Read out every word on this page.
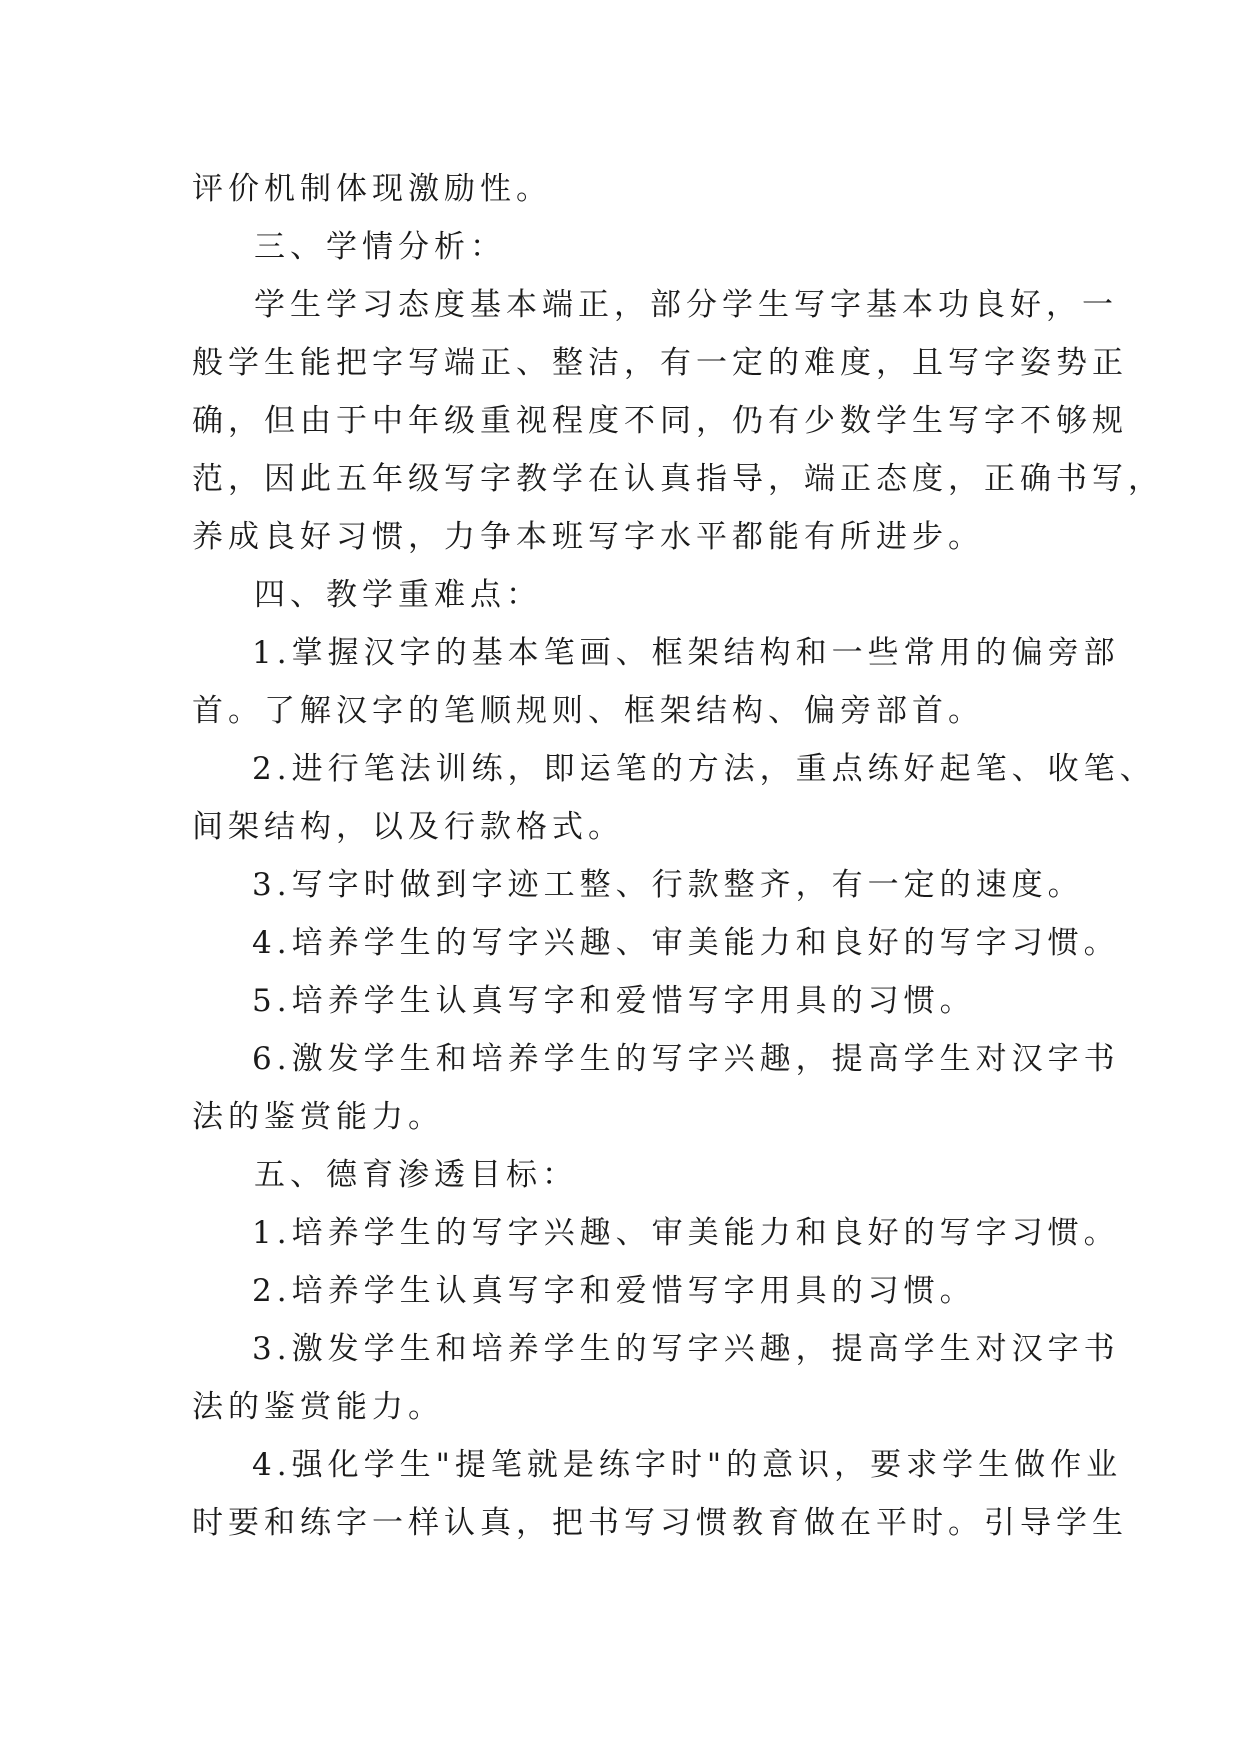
评价机制体现激励性。
三、学情分析：
学生学习态度基本端正，部分学生写字基本功良好，一
般学生能把字写端正、整洁，有一定的难度，且写字姿势正
确，但由于中年级重视程度不同，仍有少数学生写字不够规
范，因此五年级写字教学在认真指导，端正态度，正确书写，
养成良好习惯，力争本班写字水平都能有所进步。
四、教学重难点：
1.掌握汉字的基本笔画、框架结构和一些常用的偏旁部
首。了解汉字的笔顺规则、框架结构、偏旁部首。
2.进行笔法训练，即运笔的方法，重点练好起笔、收笔、
间架结构，以及行款格式。
3.写字时做到字迹工整、行款整齐，有一定的速度。
4.培养学生的写字兴趣、审美能力和良好的写字习惯。
5.培养学生认真写字和爱惜写字用具的习惯。
6.激发学生和培养学生的写字兴趣，提高学生对汉字书
法的鉴赏能力。
五、德育渗透目标：
1.培养学生的写字兴趣、审美能力和良好的写字习惯。
2.培养学生认真写字和爱惜写字用具的习惯。
3.激发学生和培养学生的写字兴趣，提高学生对汉字书
法的鉴赏能力。
4.强化学生"提笔就是练字时"的意识，要求学生做作业
时要和练字一样认真，把书写习惯教育做在平时。引导学生
